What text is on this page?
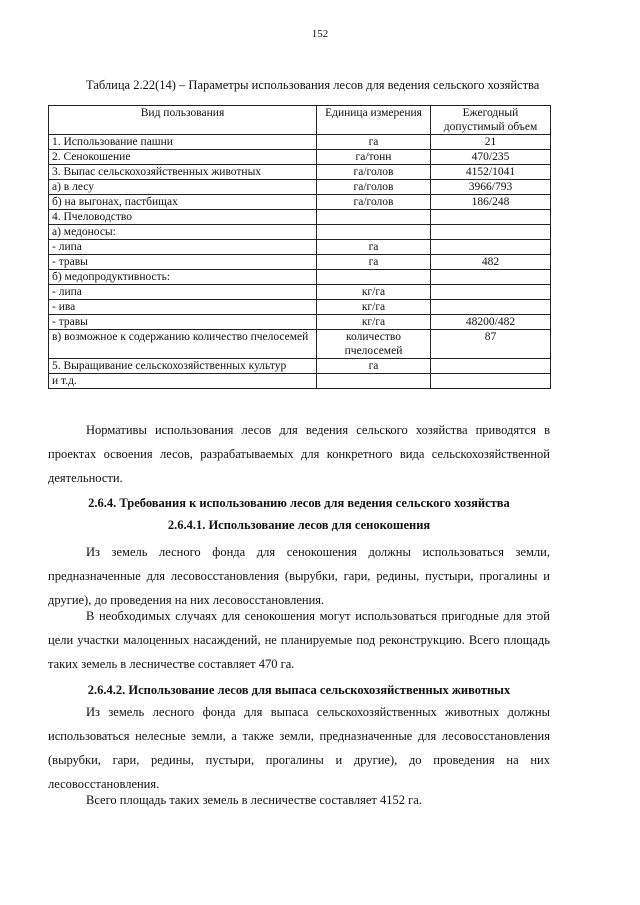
152

Таблица 2.22(14) – Параметры использования лесов для ведения сельского хозяйства

Вид пользования	Единица измерения	Ежегодный допустимый объем
1. Использование пашни	га	21
2. Сенокошение	га/тонн	470/235
3. Выпас сельскохозяйственных животных	га/голов	4152/1041
а) в лесу	га/голов	3966/793
б) на выгонах, пастбищах	га/голов	186/248
4. Пчеловодство		
а) медоносы:		
- липа	га	
- травы	га	482
б) медопродуктивность:		
- липа	кг/га	
- ива	кг/га	
- травы	кг/га	48200/482
в) возможное к содержанию количество пчелосемей	количество пчелосемей	87
5. Выращивание сельскохозяйственных культур	га	
и т.д.		

Нормативы использования лесов для ведения сельского хозяйства приводятся в проектах освоения лесов, разрабатываемых для конкретного вида сельскохозяйственной деятельности.

2.6.4. Требования к использованию лесов для ведения сельского хозяйства
2.6.4.1. Использование лесов для сенокошения

Из земель лесного фонда для сенокошения должны использоваться земли, предназначенные для лесовосстановления (вырубки, гари, редины, пустыри, прогалины и другие), до проведения на них лесовосстановления.

В необходимых случаях для сенокошения могут использоваться пригодные для этой цели участки малоценных насаждений, не планируемые под реконструкцию. Всего площадь таких земель в лесничестве составляет 470 га.

2.6.4.2. Использование лесов для выпаса сельскохозяйственных животных

Из земель лесного фонда для выпаса сельскохозяйственных животных должны использоваться нелесные земли, а также земли, предназначенные для лесовосстановления (вырубки, гари, редины, пустыри, прогалины и другие), до проведения на них лесовосстановления.

Всего площадь таких земель в лесничестве составляет 4152 га.
